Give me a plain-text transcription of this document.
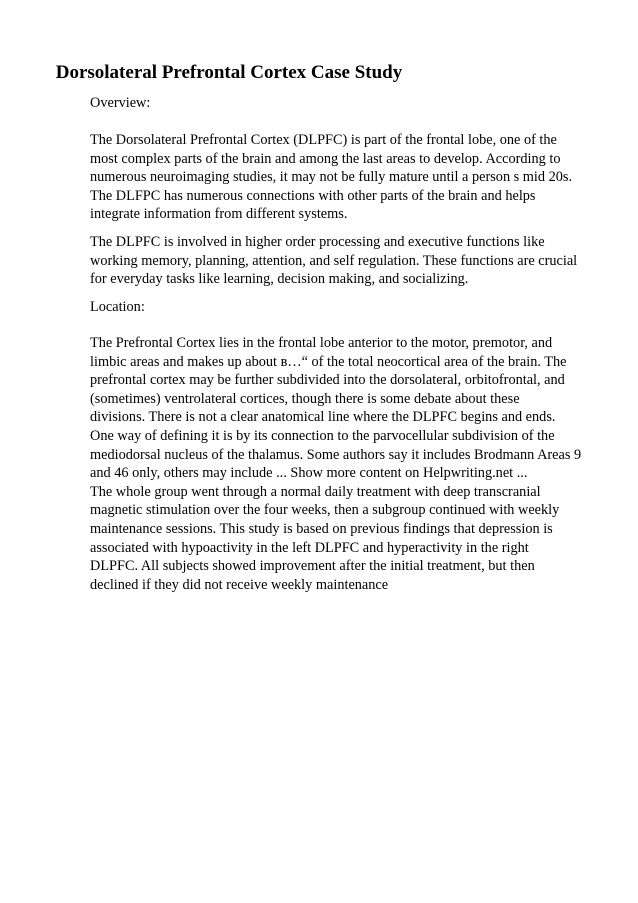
Dorsolateral Prefrontal Cortex Case Study

Overview:

The Dorsolateral Prefrontal Cortex (DLPFC) is part of the frontal lobe, one of the
most complex parts of the brain and among the last areas to develop. According to
numerous neuroimaging studies, it may not be fully mature until a person s mid 20s.
The DLFPC has numerous connections with other parts of the brain and helps
integrate information from different systems.

The DLPFC is involved in higher order processing and executive functions like
working memory, planning, attention, and self regulation. These functions are crucial
for everyday tasks like learning, decision making, and socializing.

Location:

The Prefrontal Cortex lies in the frontal lobe anterior to the motor, premotor, and
limbic areas and makes up about в…“ of the total neocortical area of the brain. The
prefrontal cortex may be further subdivided into the dorsolateral, orbitofrontal, and
(sometimes) ventrolateral cortices, though there is some debate about these
divisions. There is not a clear anatomical line where the DLPFC begins and ends.
One way of defining it is by its connection to the parvocellular subdivision of the
mediodorsal nucleus of the thalamus. Some authors say it includes Brodmann Areas 9
and 46 only, others may include ... Show more content on Helpwriting.net ...
The whole group went through a normal daily treatment with deep transcranial
magnetic stimulation over the four weeks, then a subgroup continued with weekly
maintenance sessions. This study is based on previous findings that depression is
associated with hypoactivity in the left DLPFC and hyperactivity in the right
DLPFC. All subjects showed improvement after the initial treatment, but then
declined if they did not receive weekly maintenance
